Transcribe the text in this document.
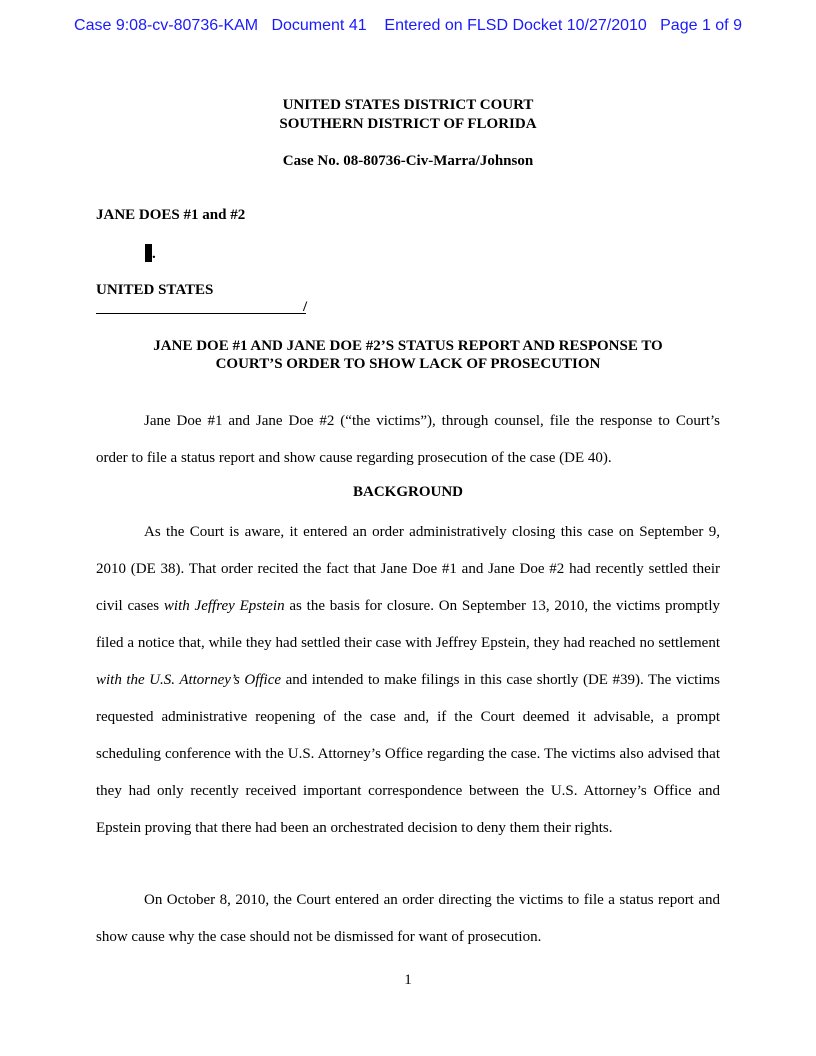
Case 9:08-cv-80736-KAM   Document 41    Entered on FLSD Docket 10/27/2010   Page 1 of 9
UNITED STATES DISTRICT COURT
SOUTHERN DISTRICT OF FLORIDA
Case No. 08-80736-Civ-Marra/Johnson
JANE DOES #1 and #2
.
UNITED STATES
/
JANE DOE #1 AND JANE DOE #2’S STATUS REPORT AND RESPONSE TO
COURT’S ORDER TO SHOW LACK OF PROSECUTION
Jane Doe #1 and Jane Doe #2 (“the victims”), through counsel, file the response to Court’s order to file a status report and show cause regarding prosecution of the case (DE 40).
BACKGROUND
As the Court is aware, it entered an order administratively closing this case on September 9, 2010 (DE 38). That order recited the fact that Jane Doe #1 and Jane Doe #2 had recently settled their civil cases with Jeffrey Epstein as the basis for closure. On September 13, 2010, the victims promptly filed a notice that, while they had settled their case with Jeffrey Epstein, they had reached no settlement with the U.S. Attorney’s Office and intended to make filings in this case shortly (DE #39). The victims requested administrative reopening of the case and, if the Court deemed it advisable, a prompt scheduling conference with the U.S. Attorney’s Office regarding the case. The victims also advised that they had only recently received important correspondence between the U.S. Attorney’s Office and Epstein proving that there had been an orchestrated decision to deny them their rights.
On October 8, 2010, the Court entered an order directing the victims to file a status report and show cause why the case should not be dismissed for want of prosecution.
1
